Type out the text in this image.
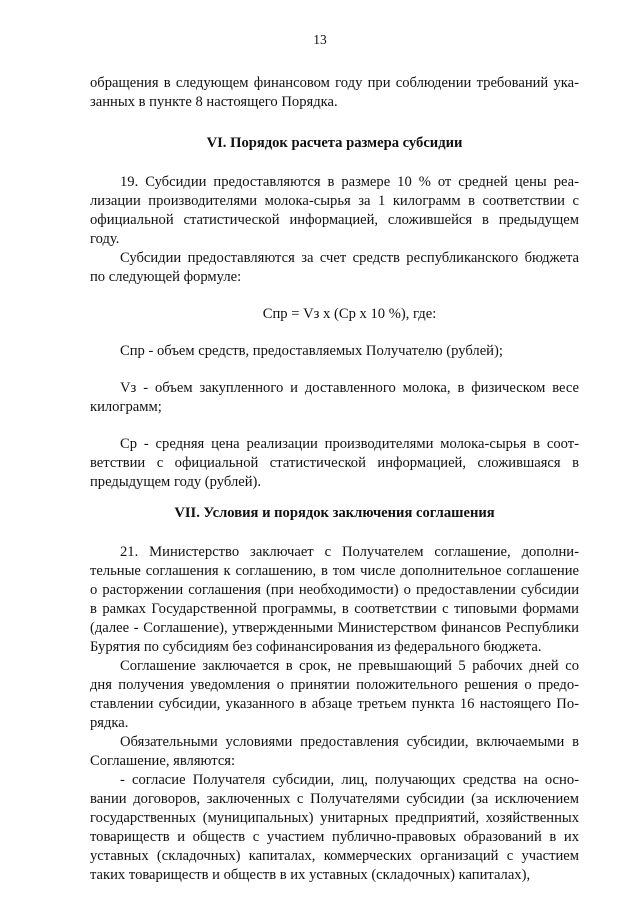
13

обращения в следующем финансовом году при соблюдении требований указанных в пункте 8 настоящего Порядка.

VI. Порядок расчета размера субсидии

19. Субсидии предоставляются в размере 10 % от средней цены реализации производителями молока-сырья за 1 килограмм в соответствии с официальной статистической информацией, сложившейся в предыдущем году.

Субсидии предоставляются за счет средств республиканского бюджета по следующей формуле:

Спр = Vз x (Ср x 10 %), где:

Спр - объем средств, предоставляемых Получателю (рублей);

Vз - объем закупленного и доставленного молока, в физическом весе килограмм;

Ср - средняя цена реализации производителями молока-сырья в соответствии с официальной статистической информацией, сложившаяся в предыдущем году (рублей).

VII. Условия и порядок заключения соглашения

21. Министерство заключает с Получателем соглашение, дополнительные соглашения к соглашению, в том числе дополнительное соглашение о расторжении соглашения (при необходимости) о предоставлении субсидии в рамках Государственной программы, в соответствии с типовыми формами (далее - Соглашение), утвержденными Министерством финансов Республики Бурятия по субсидиям без софинансирования из федерального бюджета.

Соглашение заключается в срок, не превышающий 5 рабочих дней со дня получения уведомления о принятии положительного решения о предоставлении субсидии, указанного в абзаце третьем пункта 16 настоящего Порядка.

Обязательными условиями предоставления субсидии, включаемыми в Соглашение, являются:

- согласие Получателя субсидии, лиц, получающих средства на основании договоров, заключенных с Получателями субсидии (за исключением государственных (муниципальных) унитарных предприятий, хозяйственных товариществ и обществ с участием публично-правовых образований в их уставных (складочных) капиталах, коммерческих организаций с участием таких товариществ и обществ в их уставных (складочных) капиталах),
